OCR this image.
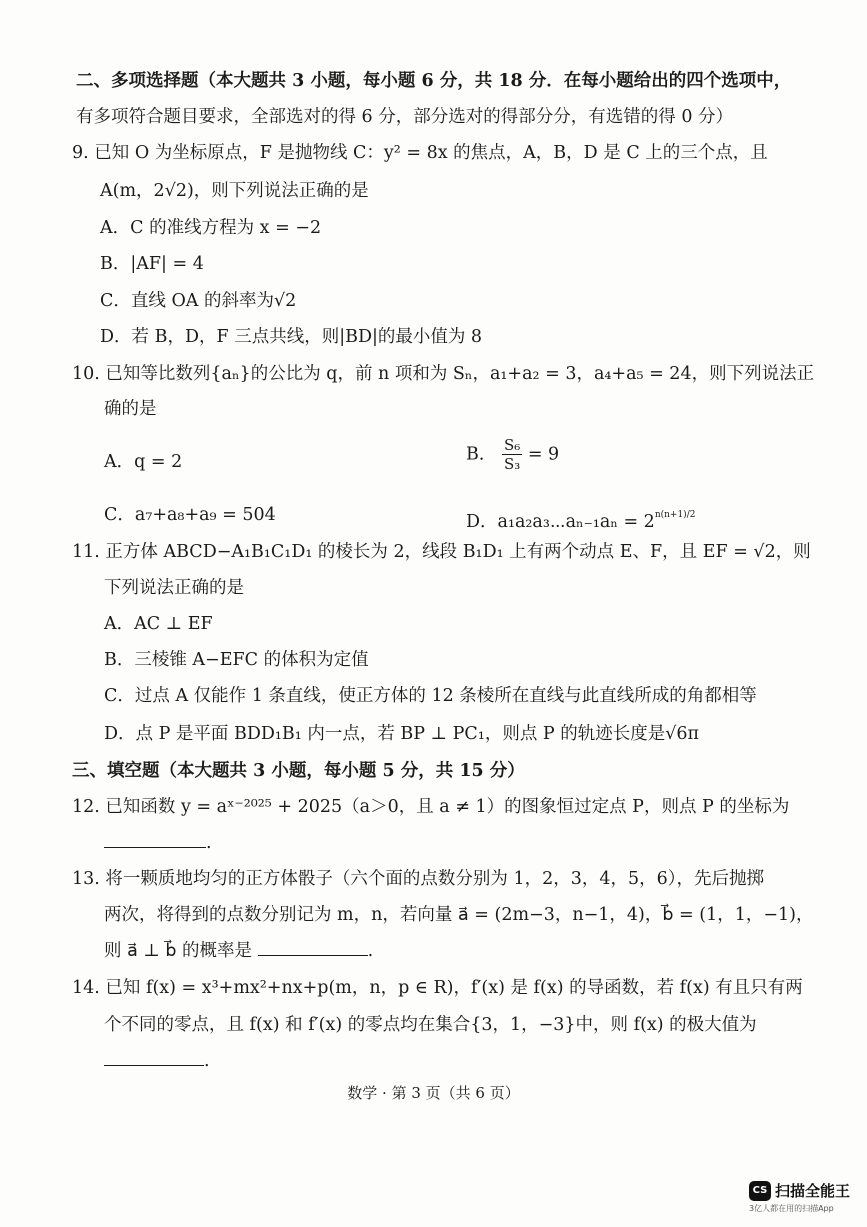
二、多项选择题（本大题共 3 小题，每小题 6 分，共 18 分．在每小题给出的四个选项中，
有多项符合题目要求，全部选对的得 6 分，部分选对的得部分分，有选错的得 0 分）
9. 已知 O 为坐标原点，F 是抛物线 C：y² = 8x 的焦点，A，B，D 是 C 上的三个点，且
A(m，2√2)，则下列说法正确的是
A．C 的准线方程为 x = −2
B．|AF| = 4
C．直线 OA 的斜率为√2
D．若 B，D，F 三点共线，则|BD|的最小值为 8
10. 已知等比数列{aₙ}的公比为 q，前 n 项和为 Sₙ，a₁+a₂ = 3，a₄+a₅ = 24，则下列说法正
确的是
A．q = 2	B． $\frac{\text{S₆}}{\text{S₃}} = 9$
C．a₇+a₈+a₉ = 504	D．a₁a₂a₃⋯aₙ₋₁aₙ = $2^{n(n+1)/2}$
11. 正方体 ABCD−A₁B₁C₁D₁ 的棱长为 2，线段 B₁D₁ 上有两个动点 E、F，且 EF = √2，则
下列说法正确的是
A．AC ⊥ EF
B．三棱锥 A−EFC 的体积为定值
C．过点 A 仅能作 1 条直线，使正方体的 12 条棱所在直线与此直线所成的角都相等
D．点 P 是平面 BDD₁B₁ 内一点，若 BP ⊥ PC₁，则点 P 的轨迹长度是√6π
三、填空题（本大题共 3 小题，每小题 5 分，共 15 分）
12. 已知函数 y = aˣ⁻²⁰²⁵ + 2025（a＞0，且 a ≠ 1）的图象恒过定点 P，则点 P 的坐标为
.
13. 将一颗质地均匀的正方体骰子（六个面的点数分别为 1，2，3，4，5，6），先后抛掷
两次，将得到的点数分别记为 m，n，若向量 a⃗ = (2m−3，n−1，4)，b⃗ = (1，1，−1)，
则 a⃗ ⊥ b⃗ 的概率是	.
14. 已知 f(x) = x³+mx²+nx+p(m，n，p ∈ R)，f′(x) 是 f(x) 的导函数，若 f(x) 有且只有两
个不同的零点，且 f(x) 和 f′(x) 的零点均在集合{3，1，−3}中，则 f(x) 的极大值为
.
数学 · 第 3 页（共 6 页）
CS 扫描全能王
3亿人都在用的扫描App
